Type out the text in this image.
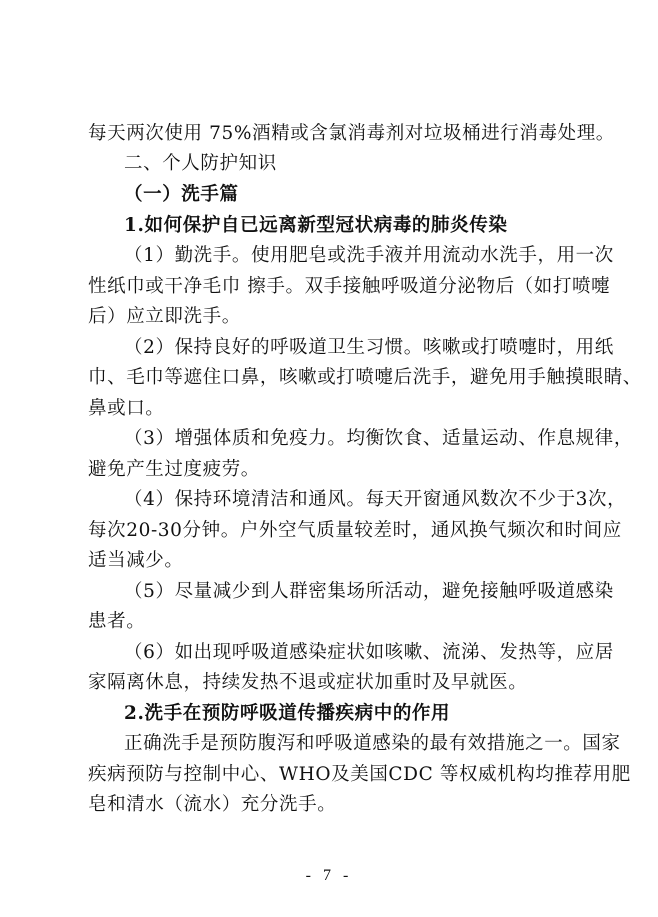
每天两次使用 75%酒精或含氯消毒剂对垃圾桶进行消毒处理。
二、个人防护知识
（一）洗手篇
1.如何保护自已远离新型冠状病毒的肺炎传染
（1）勤洗手。使用肥皂或洗手液并用流动水洗手，用一次
性纸巾或干净毛巾 擦手。双手接触呼吸道分泌物后（如打喷嚏
后）应立即洗手。
（2）保持良好的呼吸道卫生习惯。咳嗽或打喷嚏时，用纸
巾、毛巾等遮住口鼻，咳嗽或打喷嚏后洗手，避免用手触摸眼睛、
鼻或口。
（3）增强体质和免疫力。均衡饮食、适量运动、作息规律，
避免产生过度疲劳。
（4）保持环境清洁和通风。每天开窗通风数次不少于3次，
每次20-30分钟。户外空气质量较差时，通风换气频次和时间应
适当减少。
（5）尽量减少到人群密集场所活动，避免接触呼吸道感染
患者。
（6）如出现呼吸道感染症状如咳嗽、流涕、发热等，应居
家隔离休息，持续发热不退或症状加重时及早就医。
2.洗手在预防呼吸道传播疾病中的作用
正确洗手是预防腹泻和呼吸道感染的最有效措施之一。国家
疾病预防与控制中心、WHO及美国CDC 等权威机构均推荐用肥
皂和清水（流水）充分洗手。
- 7 -
